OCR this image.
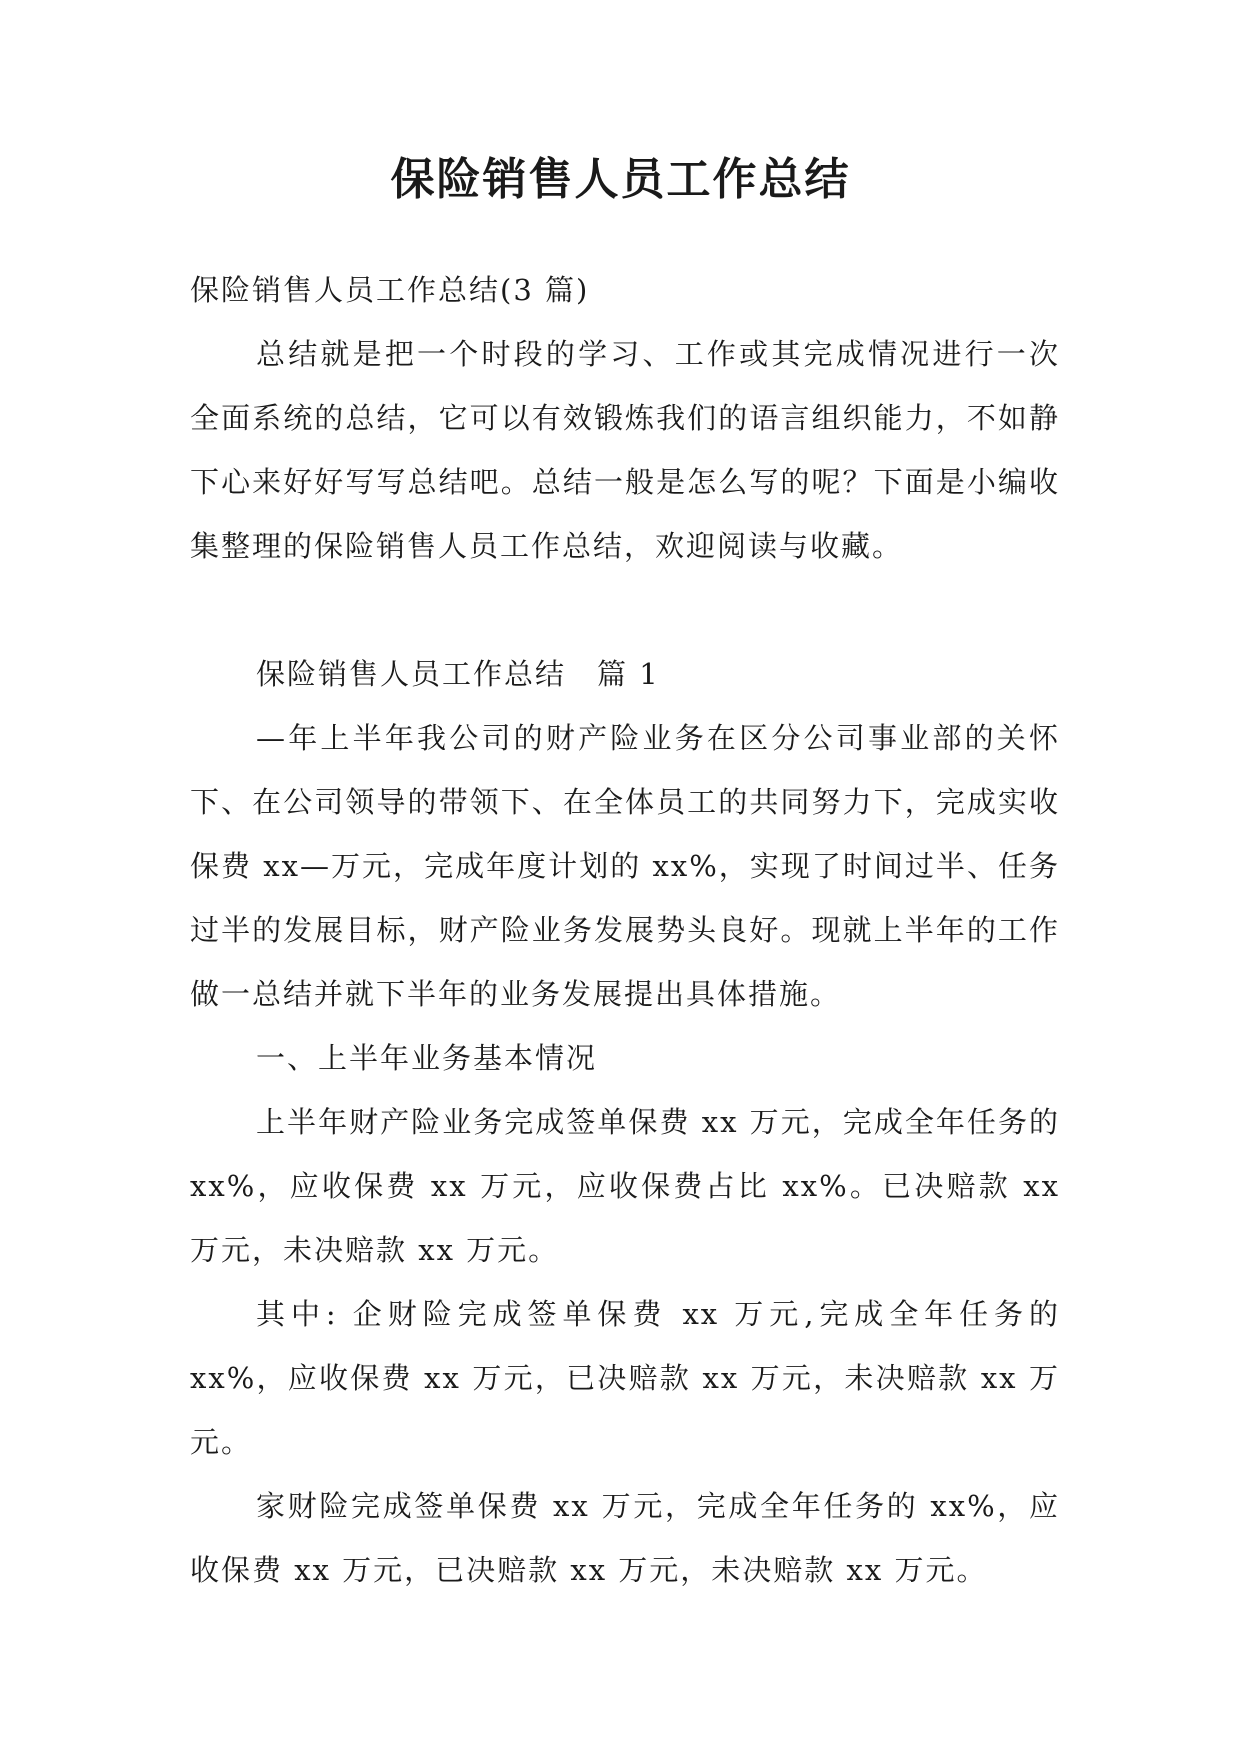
保险销售人员工作总结

保险销售人员工作总结(3 篇)

总结就是把一个时段的学习、工作或其完成情况进行一次全面系统的总结，它可以有效锻炼我们的语言组织能力，不如静下心来好好写写总结吧。总结一般是怎么写的呢？下面是小编收集整理的保险销售人员工作总结，欢迎阅读与收藏。

保险销售人员工作总结　篇 1

—年上半年我公司的财产险业务在区分公司事业部的关怀下、在公司领导的带领下、在全体员工的共同努力下，完成实收保费 xx—万元，完成年度计划的 xx%，实现了时间过半、任务过半的发展目标，财产险业务发展势头良好。现就上半年的工作做一总结并就下半年的业务发展提出具体措施。

一、上半年业务基本情况

上半年财产险业务完成签单保费 xx 万元，完成全年任务的 xx%，应收保费 xx 万元，应收保费占比 xx%。已决赔款 xx 万元，未决赔款 xx 万元。

其中: 企财险完成签单保费 xx 万元,完成全年任务的 xx%，应收保费 xx 万元，已决赔款 xx 万元，未决赔款 xx 万元。

家财险完成签单保费 xx 万元，完成全年任务的 xx%，应收保费 xx 万元，已决赔款 xx 万元，未决赔款 xx 万元。
